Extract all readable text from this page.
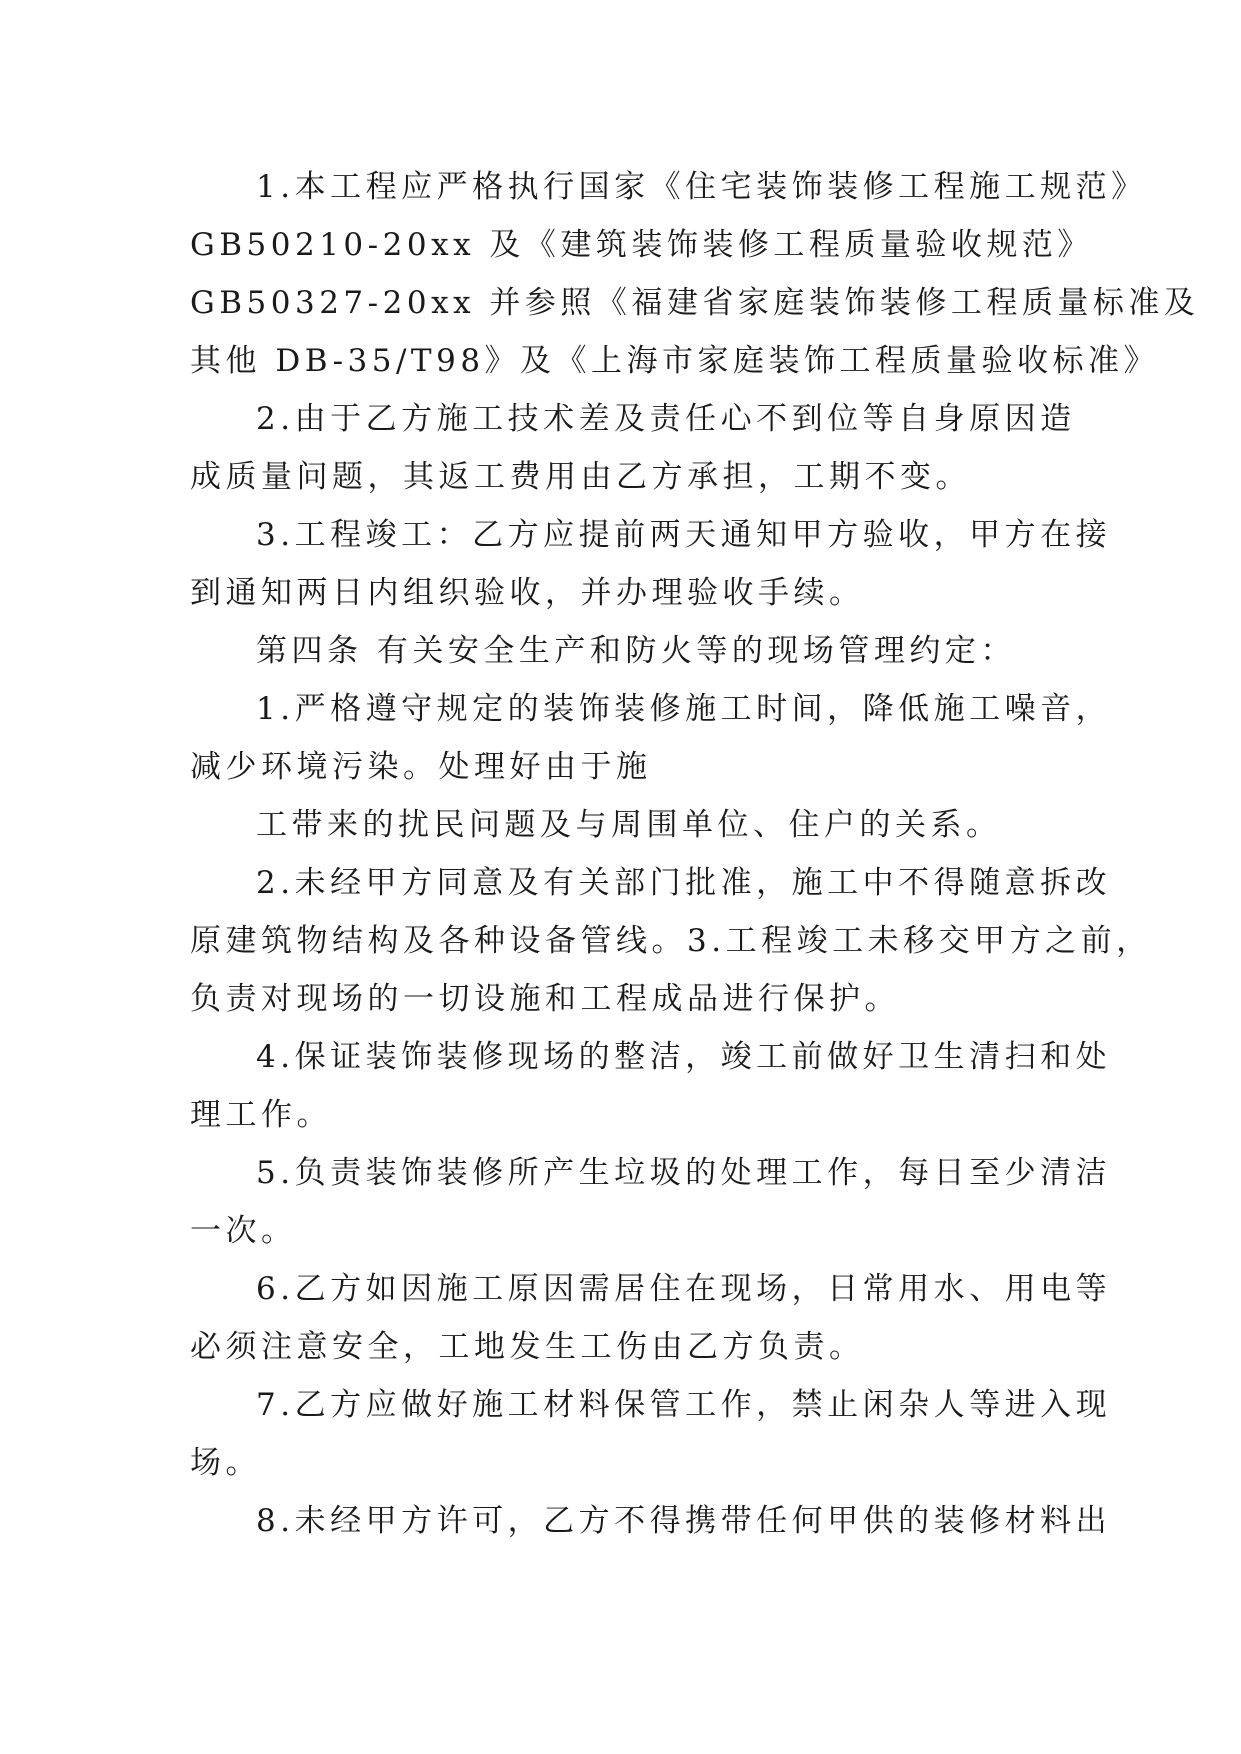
1.本工程应严格执行国家《住宅装饰装修工程施工规范》
GB50210-20xx 及《建筑装饰装修工程质量验收规范》
GB50327-20xx 并参照《福建省家庭装饰装修工程质量标准及
其他 DB-35/T98》及《上海市家庭装饰工程质量验收标准》
2.由于乙方施工技术差及责任心不到位等自身原因造
成质量问题，其返工费用由乙方承担，工期不变。
3.工程竣工：乙方应提前两天通知甲方验收，甲方在接
到通知两日内组织验收，并办理验收手续。
第四条 有关安全生产和防火等的现场管理约定：
1.严格遵守规定的装饰装修施工时间，降低施工噪音，
减少环境污染。处理好由于施
工带来的扰民问题及与周围单位、住户的关系。
2.未经甲方同意及有关部门批准，施工中不得随意拆改
原建筑物结构及各种设备管线。3.工程竣工未移交甲方之前，
负责对现场的一切设施和工程成品进行保护。
4.保证装饰装修现场的整洁，竣工前做好卫生清扫和处
理工作。
5.负责装饰装修所产生垃圾的处理工作，每日至少清洁
一次。
6.乙方如因施工原因需居住在现场，日常用水、用电等
必须注意安全，工地发生工伤由乙方负责。
7.乙方应做好施工材料保管工作，禁止闲杂人等进入现
场。
8.未经甲方许可，乙方不得携带任何甲供的装修材料出
